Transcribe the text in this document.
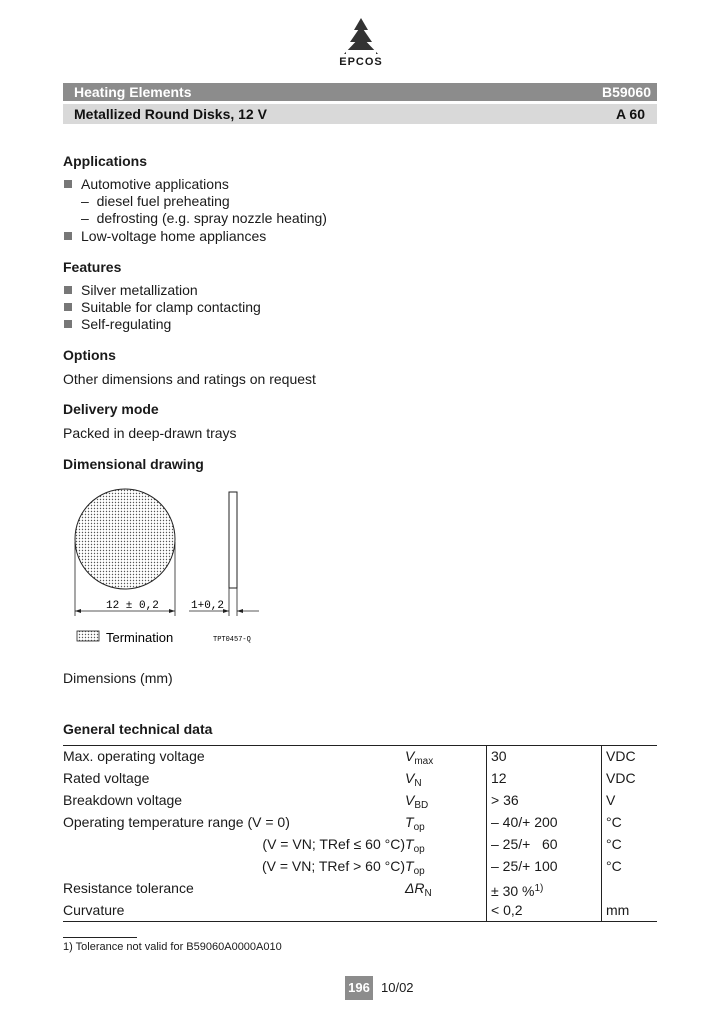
EPCOS
Heating Elements	B59060
Metallized Round Disks, 12 V	A 60
Applications
Automotive applications
–  diesel fuel preheating
–  defrosting (e.g. spray nozzle heating)
Low-voltage home appliances
Features
Silver metallization
Suitable for clamp contacting
Self-regulating
Options
Other dimensions and ratings on request
Delivery mode
Packed in deep-drawn trays
Dimensional drawing
12 ± 0,2	1+0,2
Termination	TPT0457-Q
Dimensions (mm)
General technical data
Max. operating voltage	$V_{max}$	30	VDC
Rated voltage	$V_N$	12	VDC
Breakdown voltage	$V_{BD}$	> 36	V
Operating temperature range (V = 0)	$T_{op}$	– 40/+ 200	°C
(V = VN; TRef ≤ 60 °C)	$T_{op}$	– 25/+   60	°C
(V = VN; TRef > 60 °C)	$T_{op}$	– 25/+ 100	°C
Resistance tolerance	$\Delta R_N$	± 30 %$^{1)}$	
Curvature		< 0,2	mm
1) Tolerance not valid for B59060A0000A010
196 10/02
